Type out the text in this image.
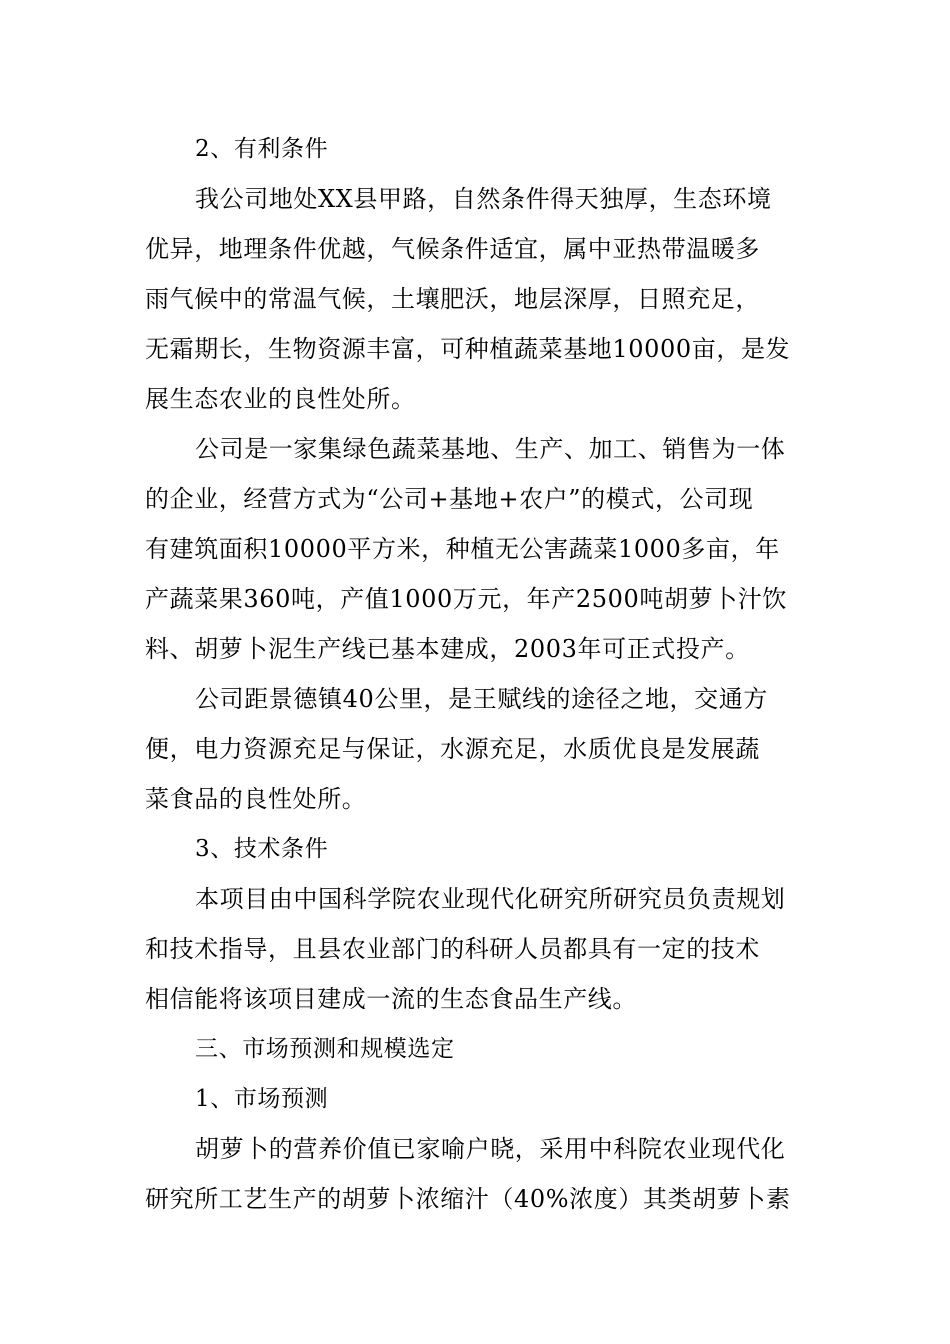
2、有利条件
我公司地处XX县甲路，自然条件得天独厚，生态环境
优异，地理条件优越，气候条件适宜，属中亚热带温暖多
雨气候中的常温气候，土壤肥沃，地层深厚，日照充足，
无霜期长，生物资源丰富，可种植蔬菜基地10000亩，是发
展生态农业的良性处所。
公司是一家集绿色蔬菜基地、生产、加工、销售为一体
的企业，经营方式为“公司+基地+农户”的模式，公司现
有建筑面积10000平方米，种植无公害蔬菜1000多亩，年
产蔬菜果360吨，产值1000万元，年产2500吨胡萝卜汁饮
料、胡萝卜泥生产线已基本建成，2003年可正式投产。
公司距景德镇40公里，是王赋线的途径之地，交通方
便，电力资源充足与保证，水源充足，水质优良是发展蔬
菜食品的良性处所。
3、技术条件
本项目由中国科学院农业现代化研究所研究员负责规划
和技术指导，且县农业部门的科研人员都具有一定的技术
相信能将该项目建成一流的生态食品生产线。
三、市场预测和规模选定
1、市场预测
胡萝卜的营养价值已家喻户晓，采用中科院农业现代化
研究所工艺生产的胡萝卜浓缩汁（40%浓度）其类胡萝卜素
